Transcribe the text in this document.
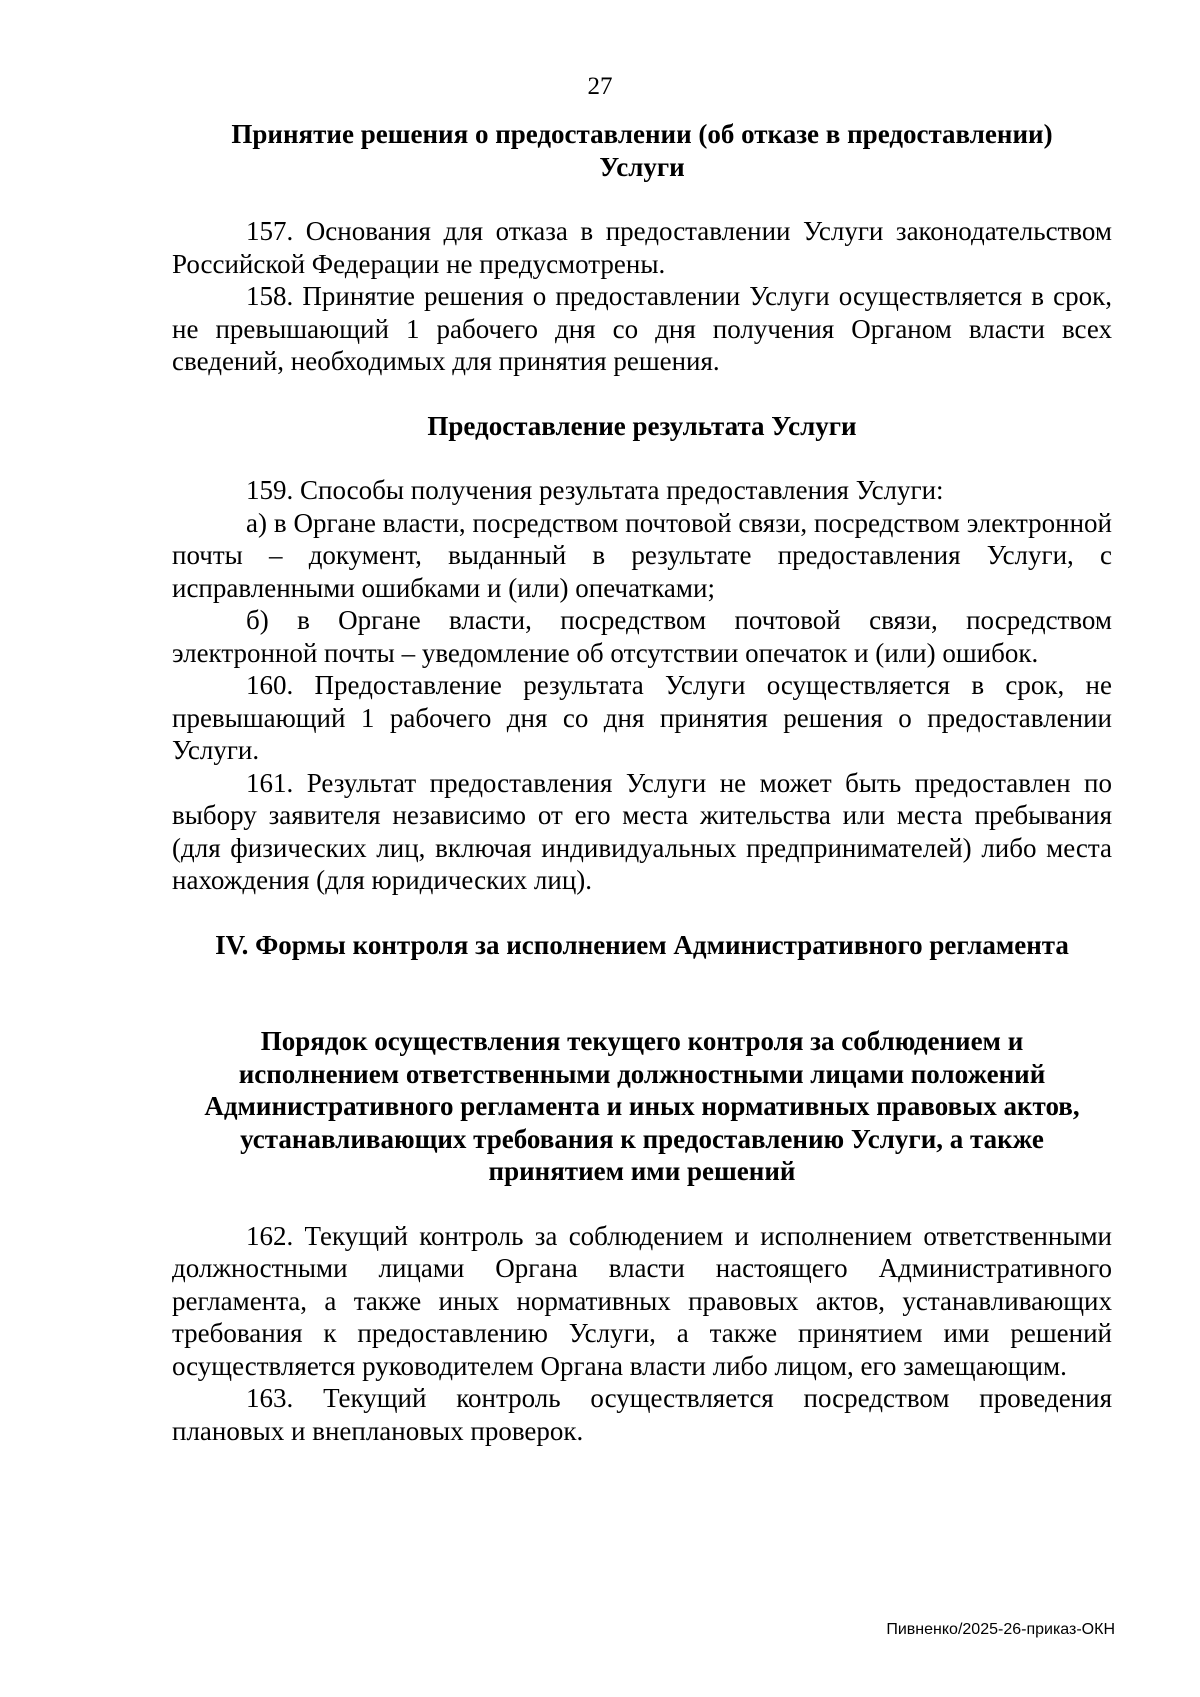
27
Принятие решения о предоставлении (об отказе в предоставлении)
Услуги

157. Основания для отказа в предоставлении Услуги законодательством Российской Федерации не предусмотрены.

158. Принятие решения о предоставлении Услуги осуществляется в срок, не превышающий 1 рабочего дня со дня получения Органом власти всех сведений, необходимых для принятия решения.

Предоставление результата Услуги

159. Способы получения результата предоставления Услуги:

а) в Органе власти, посредством почтовой связи, посредством электронной почты – документ, выданный в результате предоставления Услуги, с исправленными ошибками и (или) опечатками;

б) в Органе власти, посредством почтовой связи, посредством электронной почты – уведомление об отсутствии опечаток и (или) ошибок.

160. Предоставление результата Услуги осуществляется в срок, не превышающий 1 рабочего дня со дня принятия решения о предоставлении Услуги.

161. Результат предоставления Услуги не может быть предоставлен по выбору заявителя независимо от его места жительства или места пребывания (для физических лиц, включая индивидуальных предпринимателей) либо места нахождения (для юридических лиц).

IV. Формы контроля за исполнением Административного регламента
Порядок осуществления текущего контроля за соблюдением и
исполнением ответственными должностными лицами положений
Административного регламента и иных нормативных правовых актов,
устанавливающих требования к предоставлению Услуги, а также
принятием ими решений

162. Текущий контроль за соблюдением и исполнением ответственными должностными лицами Органа власти настоящего Административного регламента, а также иных нормативных правовых актов, устанавливающих требования к предоставлению Услуги, а также принятием ими решений осуществляется руководителем Органа власти либо лицом, его замещающим.

163. Текущий контроль осуществляется посредством проведения плановых и внеплановых проверок.

Пивненко/2025-26-приказ-ОКН
